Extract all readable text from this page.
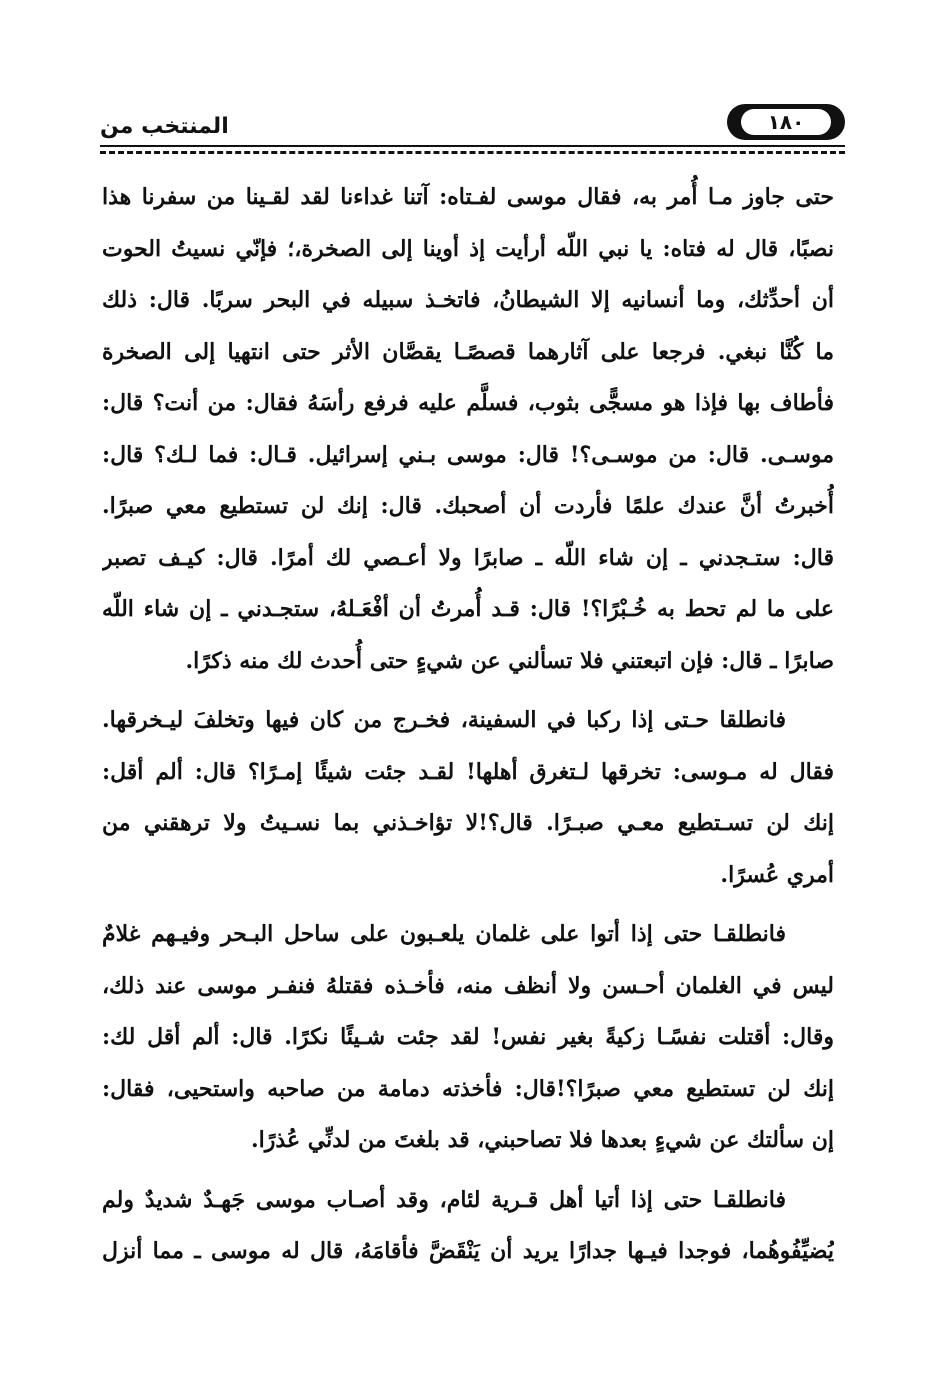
المنتخب من	١٨٠
حتى جاوز مـا أُمر به، فقال موسى لفـتاه: آتنا غداءنا لقد لقـينا من سفرنا هذا
نصبًا، قال له فتاه: يا نبي اللّه أرأيت إذ أوينا إلى الصخرة،؛ فإنّي نسيتُ الحوت
أن أحدِّثك، وما أنسانيه إلا الشيطانُ، فاتخـذ سبيله في البحر سربًا. قال: ذلك
ما كُنَّا نبغي. فرجعا على آثارهما قصصًـا يقصَّان الأثر حتى انتهيا إلى الصخرة
فأطاف بها فإذا هو مسجًّى بثوب، فسلَّم عليه فرفع رأسَهُ فقال: من أنت؟ قال:
موسـى. قال: من موسـى؟! قال: موسى بـني إسرائيل. قـال: فما لـك؟ قال:
أُخبرتُ أنَّ عندك علمًا فأردت أن أصحبك. قال: إنك لن تستطيع معي صبرًا.
قال: ستـجدني ـ إن شاء اللّه ـ صابرًا ولا أعـصي لك أمرًا. قال: كيـف تصبر
على ما لم تحط به خُـبْرًا؟! قال: قـد أُمرتُ أن أفْعَـلهُ، ستجـدني ـ إن شاء اللّه
صابرًا ـ قال: فإن اتبعتني فلا تسألني عن شيءٍ حتى أُحدث لك منه ذكرًا.
فانطلقا حـتى إذا ركبا في السفينة، فخـرج من كان فيها وتخلفَ ليـخرقها.
فقال له مـوسى: تخرقها لـتغرق أهلها! لقـد جئت شيئًا إمـرًا؟ قال: ألم أقل:
إنك لن تسـتطيع معـي صبـرًا. قال؟!لا تؤاخـذني بما نسـيتُ ولا ترهقني من
أمري عُسرًا.
فانطلقـا حتى إذا أتوا على غلمان يلعـبون على ساحل البـحر وفيـهم غلامٌ
ليس في الغلمان أحـسن ولا أنظف منه، فأخـذه فقتلهُ فنفـر موسى عند ذلك،
وقال: أقتلت نفسًـا زكيةً بغير نفس! لقد جئت شـيئًا نكرًا. قال: ألم أقل لك:
إنك لن تستطيع معي صبرًا؟!قال: فأخذته دمامة من صاحبه واستحيى، فقال:
إن سألتك عن شيءٍ بعدها فلا تصاحبني، قد بلغتَ من لدنِّي عُذرًا.
فانطلقـا حتى إذا أتيا أهل قـرية لئام، وقد أصـاب موسى جَهـدٌ شديدٌ ولم
يُضيِّفُوهُما، فوجدا فيـها جدارًا يريد أن يَنْقَضَّ فأقامَهُ، قال له موسى ـ مما أنزل
